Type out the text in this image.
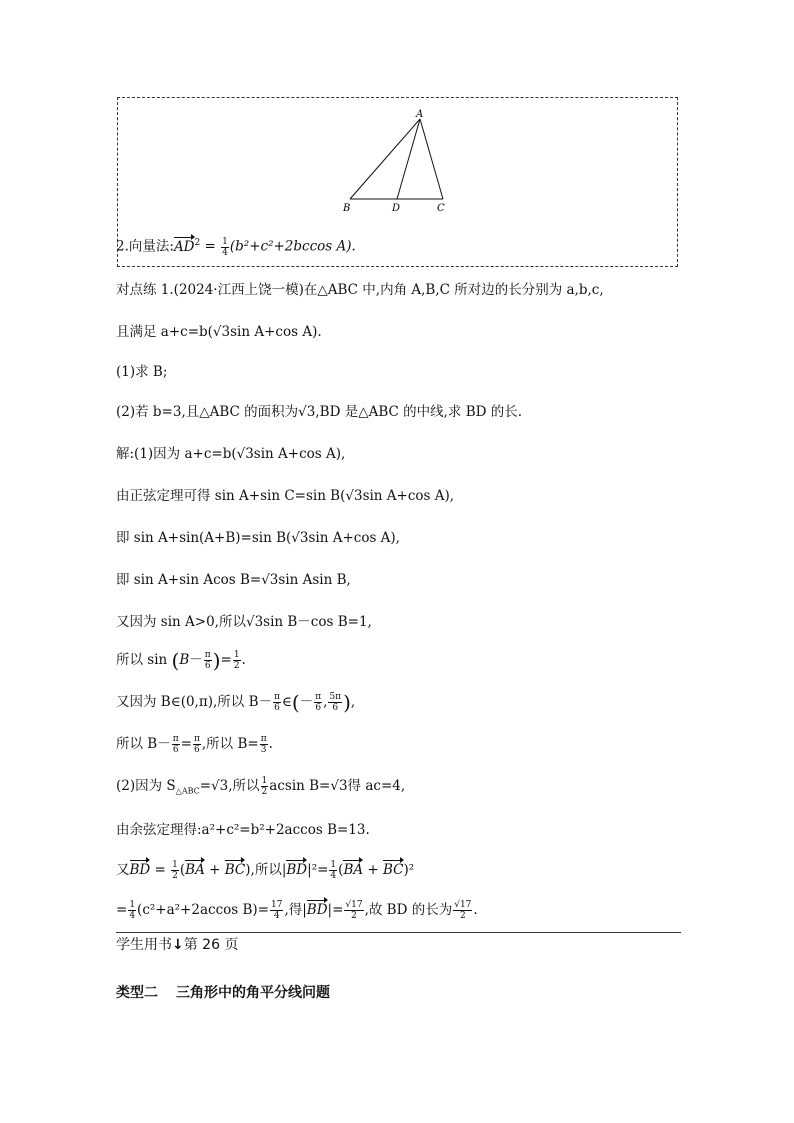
A
B	D	C
2.向量法$:AD^2 = \frac{1}{4} (b^2+c^2+2bccos$ A).
对点练 1.(2024·江西上饶一模)在△ABC 中,内角 A,B,C 所对边的长分别为 a,b,c,
且满足 a+c=b(√3sin A+cos A).
(1)求 B;
(2)若 b=3,且△ABC 的面积为√3,BD 是△ABC 的中线,求 BD 的长.
解:(1)因为 a+c=b(√3sin A+cos A),
由正弦定理可得 sin A+sin C=sin B(√3sin A+cos A),
即 sin A+sin(A+B)=sin B(√3sin A+cos A),
即 sin A+sin Acos B=√3sin Asin B,
又因为 sin A>0,所以√3sin B－cos B=1,
所以 $\sin (B- \frac{\pi}{6}$ )= $\frac{1}{2}$ .
又因为 B∈(0,π),所以 $B- \frac{\pi}{6}$ ∈(－ $\frac{\pi}{6}$ , $\frac{5\pi}{6}$ ),
所以 $B- \frac{\pi}{6} = \frac{\pi}{6}$ ,所以 $B= \frac{\pi}{3}$ .
(2)因为 $S_{\triangle ABC}=√3$,所以 $\frac{1}{2}$ acsin B=√3得 ac=4,
由余弦定理得:a²+c²=b²+2accos B=13.
又BD = $\frac{1}{2} (BA + BC)$,所以$|BD|^2= \frac{1}{4} (BA + BC)^2$
= $\frac{1}{4} (c^2+a^2+2accos$ $B)= \frac{17}{4}$ ,得$|BD|= \frac{√17}{2}$ ,故 BD 的长为 $\frac{√17}{2}$ .
学生用书↓第 26 页
类型二 三角形中的角平分线问题
